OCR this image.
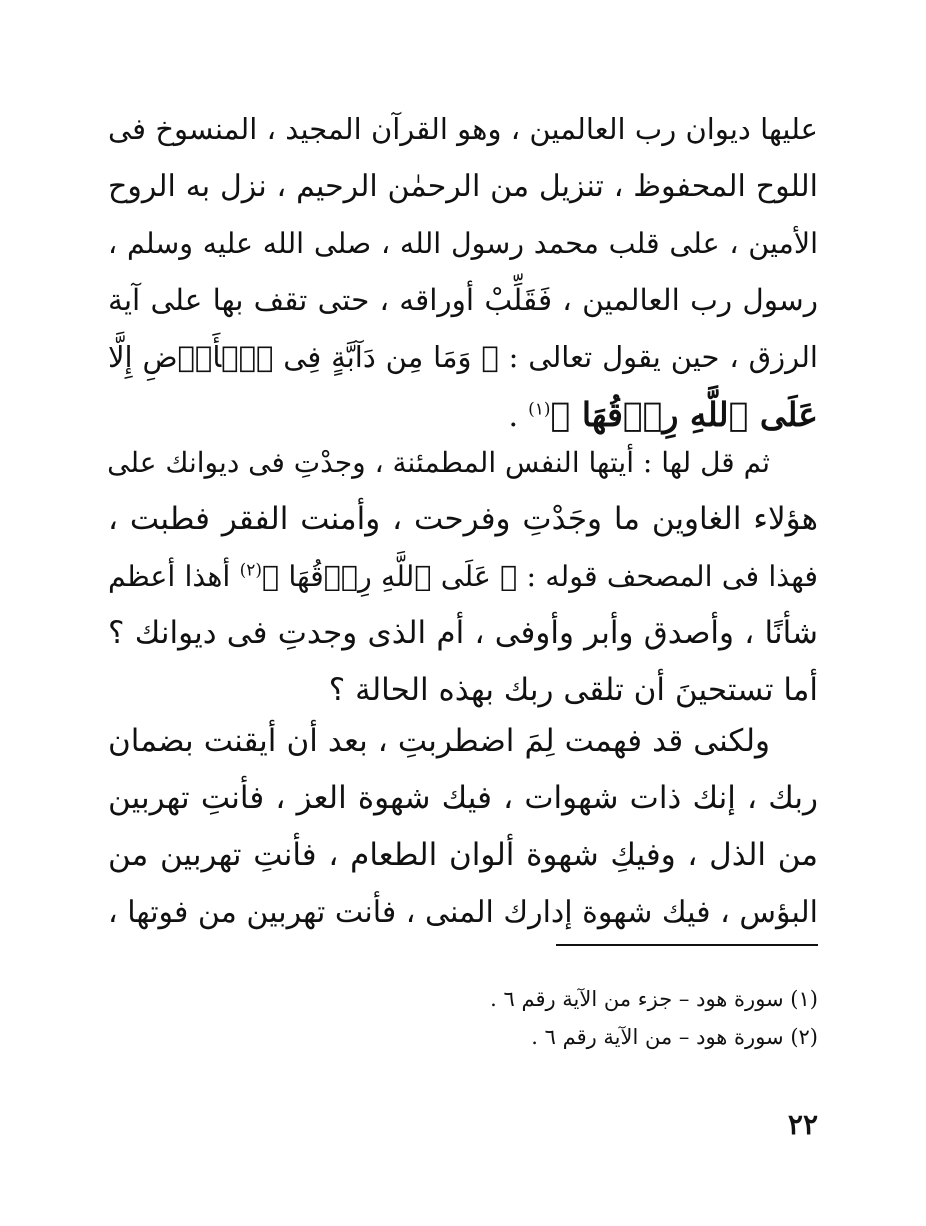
عليها ديوان رب العالمين ، وهو القرآن المجيد ، المنسوخ فى
اللوح المحفوظ ، تنزيل من الرحمٰن الرحيم ، نزل به الروح
الأمين ، على قلب محمد رسول الله ، صلى الله عليه وسلم ،
رسول رب العالمين ، فَقَلِّبْ أوراقه ، حتى تقف بها على آية
الرزق ، حين يقول تعالى : ﴿ وَمَا مِن دَآبَّةٍ فِى ٱلۡأَرۡضِ إِلَّا
عَلَى ٱللَّهِ رِزۡقُهَا ﴾$^{(١)}$ .
ثم قل لها : أيتها النفس المطمئنة ، وجدْتِ فى ديوانك على
هؤلاء الغاوين ما وجَدْتِ وفرحت ، وأمنت الفقر فطبت ،
فهذا فى المصحف قوله : ﴿ عَلَى ٱللَّهِ رِزۡقُهَا ﴾$^{(٢)}$ أهذا أعظم
شأنًا ، وأصدق وأبر وأوفى ، أم الذى وجدتِ فى ديوانك ؟
أما تستحينَ أن تلقى ربك بهذه الحالة ؟
ولكنى قد فهمت لِمَ اضطربتِ ، بعد أن أيقنت بضمان
ربك ، إنك ذات شهوات ، فيك شهوة العز ، فأنتِ تهربين
من الذل ، وفيكِ شهوة ألوان الطعام ، فأنتِ تهربين من
البؤس ، فيك شهوة إدارك المنى ، فأنت تهربين من فوتها ،
(١) سورة هود – جزء من الآية رقم ٦ .
(٢) سورة هود – من الآية رقم ٦ .
٢٢
